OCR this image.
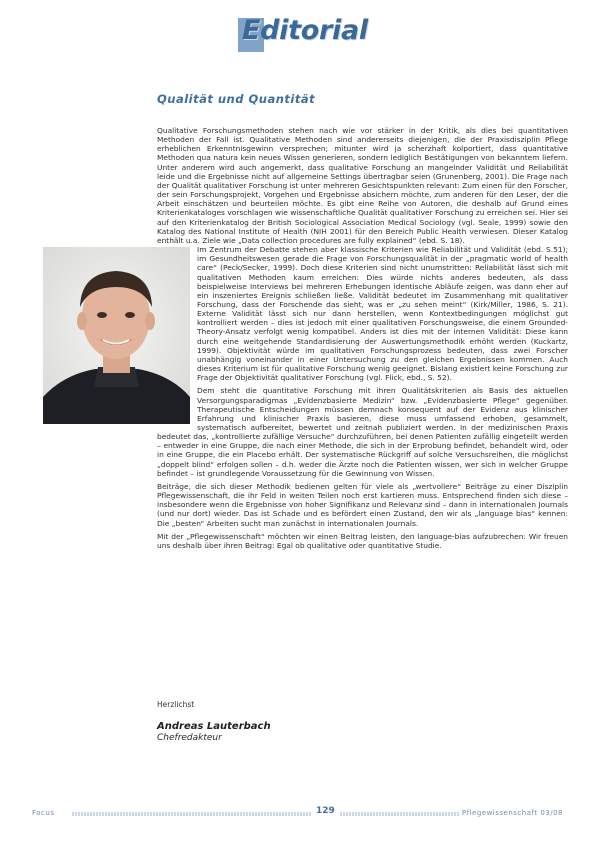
Editorial
Qualität und Quantität

Qualitative Forschungsmethoden stehen nach wie vor stärker in der Kritik, als dies bei quantitativen Methoden der Fall ist. Qualitative Methoden sind andererseits diejenigen, die der Praxisdisziplin Pflege erheblichen Erkenntnisgewinn versprechen; mitunter wird ja scherzhaft kolportiert, dass quantitative Methoden qua natura kein neues Wissen generieren, sondern lediglich Bestätigungen von bekanntem liefern. Unter anderem wird auch angemerkt, dass qualitative Forschung an mangelnder Validität und Reliabilität leide und die Ergebnisse nicht auf allgemeine Settings übertragbar seien (Grunenberg, 2001). Die Frage nach der Qualität qualitativer Forschung ist unter mehreren Gesichtspunkten relevant: Zum einen für den Forscher, der sein Forschungsprojekt, Vorgehen und Ergebnisse absichern möchte, zum anderen für den Leser, der die Arbeit einschätzen und beurteilen möchte. Es gibt eine Reihe von Autoren, die deshalb auf Grund eines Kriterienkataloges vorschlagen wie wissenschaftliche Qualität qualitativer Forschung zu erreichen sei. Hier sei auf den Kriterienkatalog der British Sociological Association Medical Sociology (vgl. Seale, 1999) sowie den Katalog des National Institute of Health (NIH 2001) für den Bereich Public Health verwiesen. Dieser Katalog enthält u.a. Ziele wie „Data collection procedures are fully explained“ (ebd. S. 18).

Im Zentrum der Debatte stehen aber klassische Kriterien wie Reliabilität und Validität (ebd. S.51); im Gesundheitswesen gerade die Frage von Forschungsqualität in der „pragmatic world of health care“ (Peck/Secker, 1999). Doch diese Kriterien sind nicht unumstritten: Reliabilität lässt sich mit qualitativen Methoden kaum erreichen: Dies würde nichts anderes bedeuten, als dass beispielweise Interviews bei mehreren Erhebungen identische Abläufe zeigen, was dann eher auf ein inszeniertes Ereignis schließen ließe. Validität bedeutet im Zusammenhang mit qualitativer Forschung, dass der Forschende das sieht, was er „zu sehen meint“ (Kirk/Miller, 1986, S. 21). Externe Validität lässt sich nur dann herstellen, wenn Kontextbedingungen möglichst gut kontrolliert werden – dies ist jedoch mit einer qualitativen Forschungsweise, die einem Grounded-Theory-Ansatz verfolgt wenig kompatibel. Anders ist dies mit der internen Validität: Diese kann durch eine weitgehende Standardisierung der Auswertungsmethodik erhöht werden (Kuckartz, 1999). Objektivität würde im qualitativen Forschungsprozess bedeuten, dass zwei Forscher unabhängig voneinander in einer Untersuchung zu den gleichen Ergebnissen kommen. Auch dieses Kriterium ist für qualitative Forschung wenig geeignet. Bislang existiert keine Forschung zur Frage der Objektivität qualitativer Forschung (vgl. Flick, ebd., S. 52).

Dem steht die quantitative Forschung mit ihren Qualitätskriterien als Basis des aktuellen Versorgungsparadigmas „Evidenzbasierte Medizin“ bzw. „Evidenzbasierte Pflege“ gegenüber. Therapeutische Entscheidungen müssen demnach konsequent auf der Evidenz aus klinischer Erfahrung und klinischer Praxis basieren, diese muss umfassend erhoben, gesammelt, systematisch aufbereitet, bewertet und zeitnah publiziert werden. In der medizinischen Praxis bedeutet das, „kontrollierte zufällige Versuche“ durchzuführen, bei denen Patienten zufällig eingeteilt werden – entweder in eine Gruppe, die nach einer Methode, die sich in der Erprobung befindet, behandelt wird, oder in eine Gruppe, die ein Placebo erhält. Der systematische Rückgriff auf solche Versuchsreihen, die möglichst „doppelt blind“ erfolgen sollen – d.h. weder die Ärzte noch die Patienten wissen, wer sich in welcher Gruppe befindet – ist grundlegende Voraussetzung für die Gewinnung von Wissen.

Beiträge, die sich dieser Methodik bedienen gelten für viele als „wertvollere“ Beiträge zu einer Disziplin Pflegewissenschaft, die ihr Feld in weiten Teilen noch erst kartieren muss. Entsprechend finden sich diese – insbesondere wenn die Ergebnisse von hoher Signifikanz und Relevanz sind – dann in internationalen Journals (und nur dort) wieder. Das ist Schade und es befördert einen Zustand, den wir als „language bias“ kennen: Die „besten“ Arbeiten sucht man zunächst in internationalen Journals.

Mit der „Pflegewissenschaft“ möchten wir einen Beitrag leisten, den language-bias aufzubrechen: Wir freuen uns deshalb über ihren Beitrag: Egal ob qualitative oder quantitative Studie.

Herzlichst
Andreas Lauterbach
Chefredakteur
Focus	129	Pflegewissenschaft 03/08
